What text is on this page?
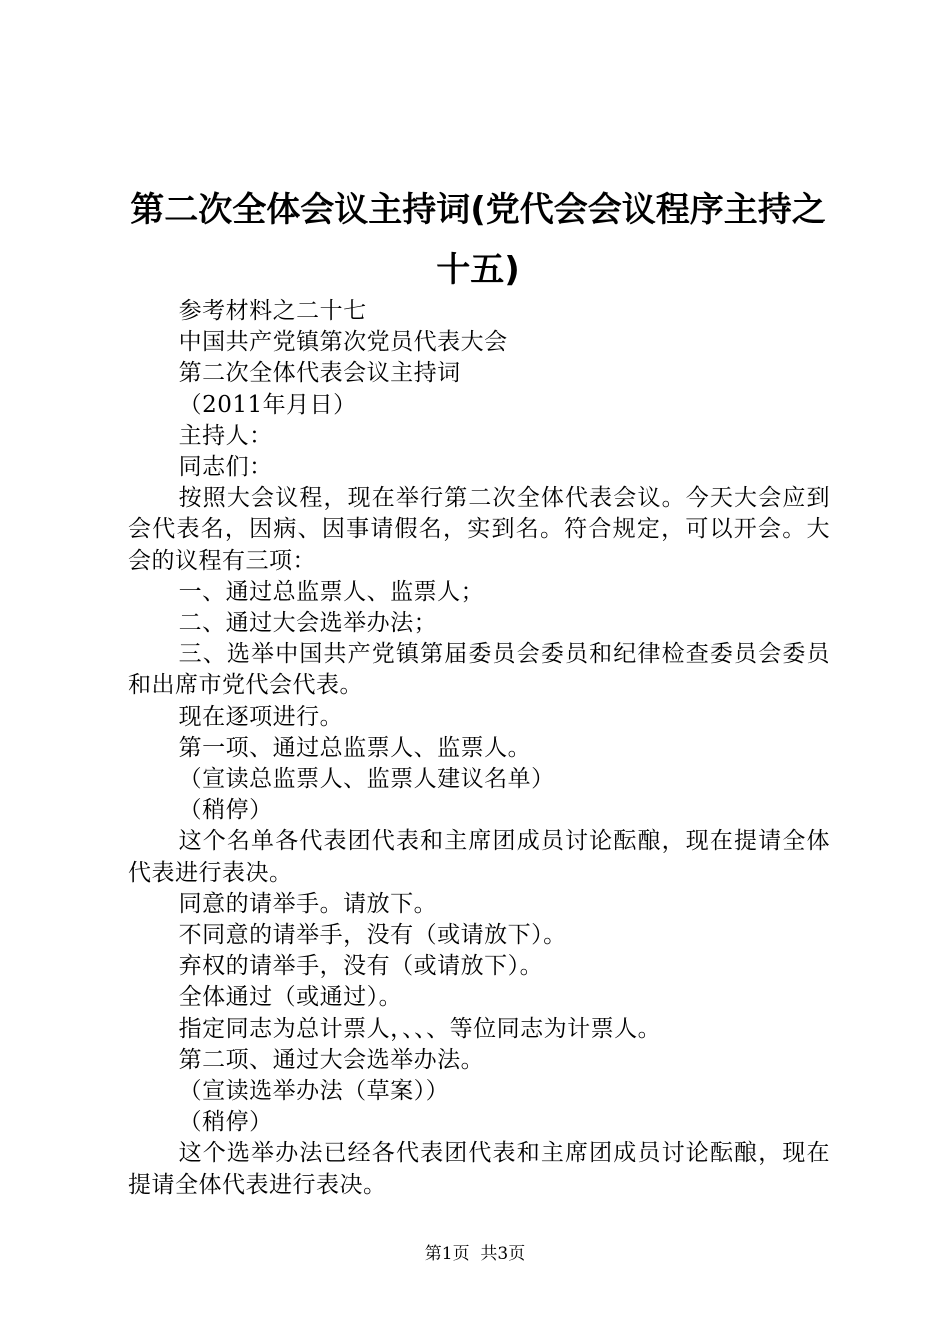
第二次全体会议主持词(党代会会议程序主持之十五)

参考材料之二十七

中国共产党镇第次党员代表大会

第二次全体代表会议主持词

（2011年月日）

主持人：

同志们：

按照大会议程，现在举行第二次全体代表会议。今天大会应到会代表名，因病、因事请假名，实到名。符合规定，可以开会。大会的议程有三项：

一、通过总监票人、监票人；

二、通过大会选举办法；

三、选举中国共产党镇第届委员会委员和纪律检查委员会委员和出席市党代会代表。

现在逐项进行。

第一项、通过总监票人、监票人。

（宣读总监票人、监票人建议名单）

（稍停）

这个名单各代表团代表和主席团成员讨论酝酿，现在提请全体代表进行表决。

同意的请举手。请放下。

不同意的请举手，没有（或请放下）。

弃权的请举手，没有（或请放下）。

全体通过（或通过）。

指定同志为总计票人，、、、等位同志为计票人。

第二项、通过大会选举办法。

（宣读选举办法（草案））

（稍停）

这个选举办法已经各代表团代表和主席团成员讨论酝酿，现在提请全体代表进行表决。

第1页 共3页
